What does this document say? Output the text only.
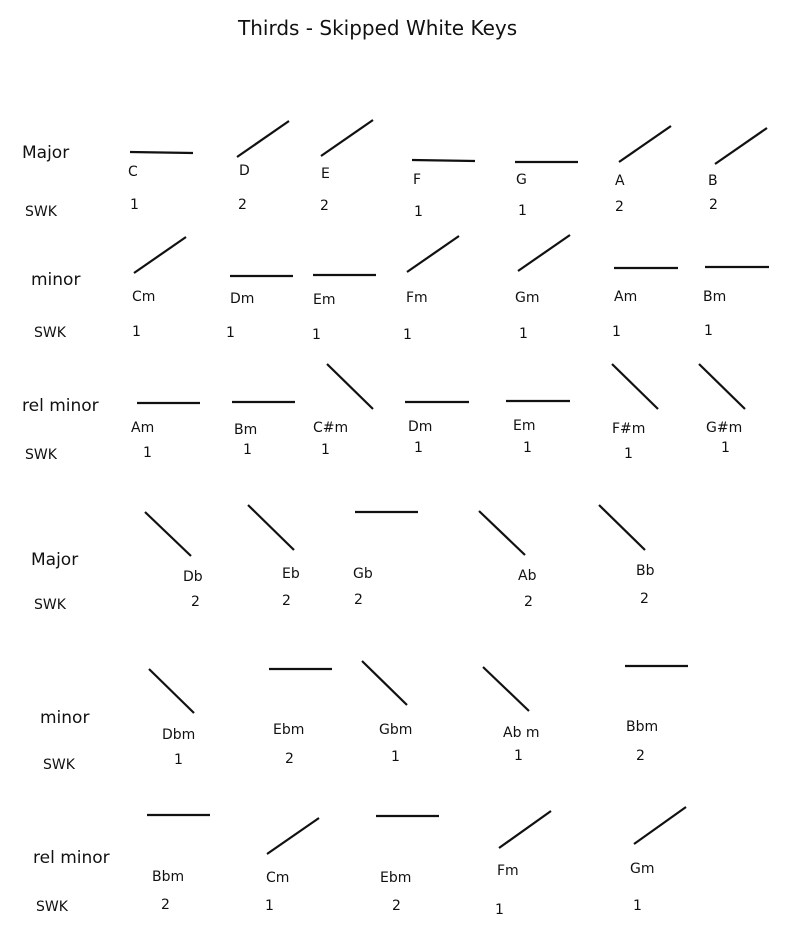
Thirds - Skipped White Keys
Major
SWK
C
1
D
2
E
2
F
1
G
1
A
2
B
2
minor
SWK
Cm
1
Dm
1
Em
1
Fm
1
Gm
1
Am
1
Bm
1
rel minor
SWK
Am
1
Bm
1
C#m
1
Dm
1
Em
1
F#m
1
G#m
1
Major
SWK
Db
2
Eb
2
Gb
2
Ab
2
Bb
2
minor
SWK
Dbm
1
Ebm
2
Gbm
1
Ab m
1
Bbm
2
rel minor
SWK
Bbm
2
Cm
1
Ebm
2
Fm
1
Gm
1
